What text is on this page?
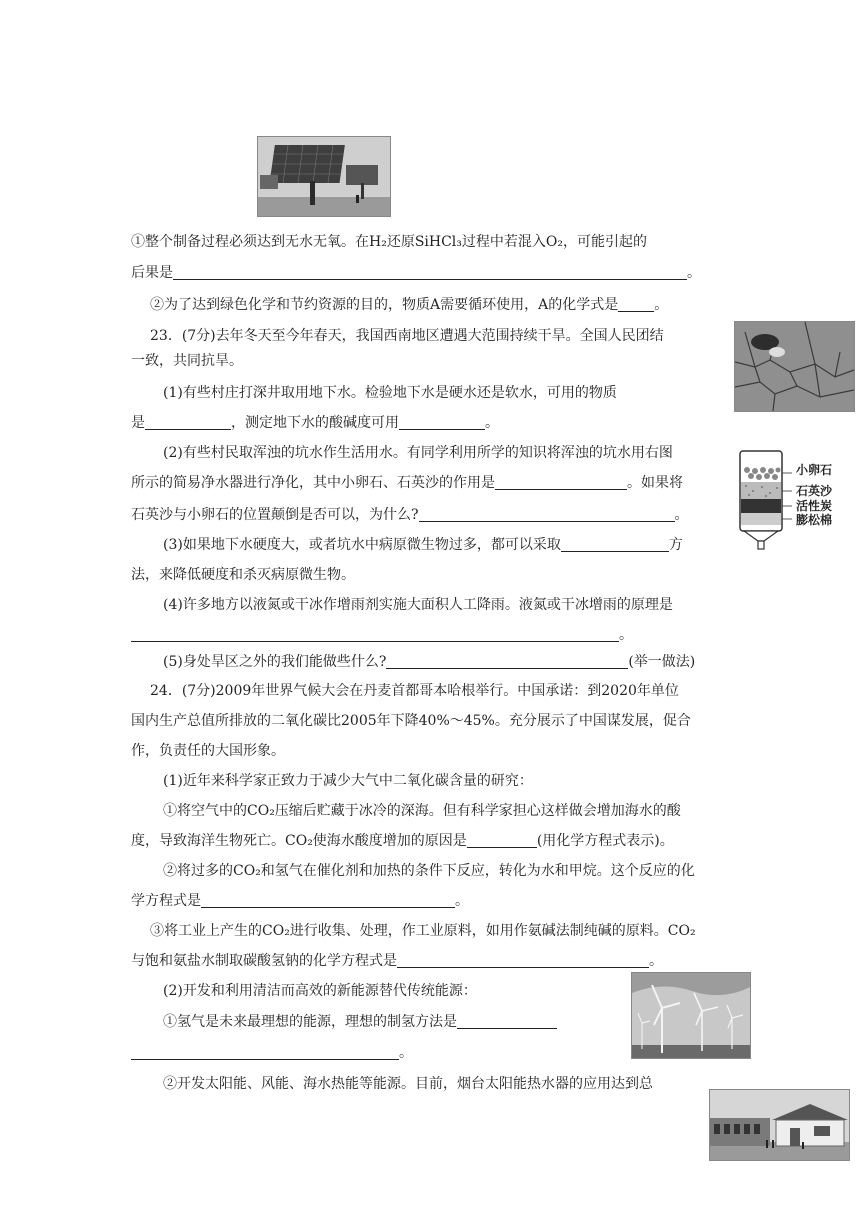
①整个制备过程必须达到无水无氧。在H₂还原SiHCl₃过程中若混入O₂，可能引起的
后果是	。
②为了达到绿色化学和节约资源的目的，物质A需要循环使用，A的化学式是	。
23．(7分)去年冬天至今年春天，我国西南地区遭遇大范围持续干旱。全国人民团结
一致，共同抗旱。
(1)有些村庄打深井取用地下水。检验地下水是硬水还是软水，可用的物质
是	，测定地下水的酸碱度可用	。
(2)有些村民取浑浊的坑水作生活用水。有同学利用所学的知识将浑浊的坑水用右图
所示的简易净水器进行净化，其中小卵石、石英沙的作用是	。如果将
石英沙与小卵石的位置颠倒是否可以，为什么?	。
小卵石
石英沙
活性炭
膨松棉
(3)如果地下水硬度大，或者坑水中病原微生物过多，都可以采取	方
法，来降低硬度和杀灭病原微生物。
(4)许多地方以液氮或干冰作增雨剂实施大面积人工降雨。液氮或干冰增雨的原理是
。
(5)身处旱区之外的我们能做些什么?	(举一做法)
24．(7分)2009年世界气候大会在丹麦首都哥本哈根举行。中国承诺：到2020年单位
国内生产总值所排放的二氧化碳比2005年下降40%～45%。充分展示了中国谋发展，促合
作，负责任的大国形象。
(1)近年来科学家正致力于减少大气中二氧化碳含量的研究：
①将空气中的CO₂压缩后贮藏于冰冷的深海。但有科学家担心这样做会增加海水的酸
度，导致海洋生物死亡。CO₂使海水酸度增加的原因是	(用化学方程式表示)。
②将过多的CO₂和氢气在催化剂和加热的条件下反应，转化为水和甲烷。这个反应的化
学方程式是	。
③将工业上产生的CO₂进行收集、处理，作工业原料，如用作氨碱法制纯碱的原料。CO₂
与饱和氨盐水制取碳酸氢钠的化学方程式是	。
(2)开发和利用清洁而高效的新能源替代传统能源：
①氢气是未来最理想的能源，理想的制氢方法是
。
②开发太阳能、风能、海水热能等能源。目前，烟台太阳能热水器的应用达到总
